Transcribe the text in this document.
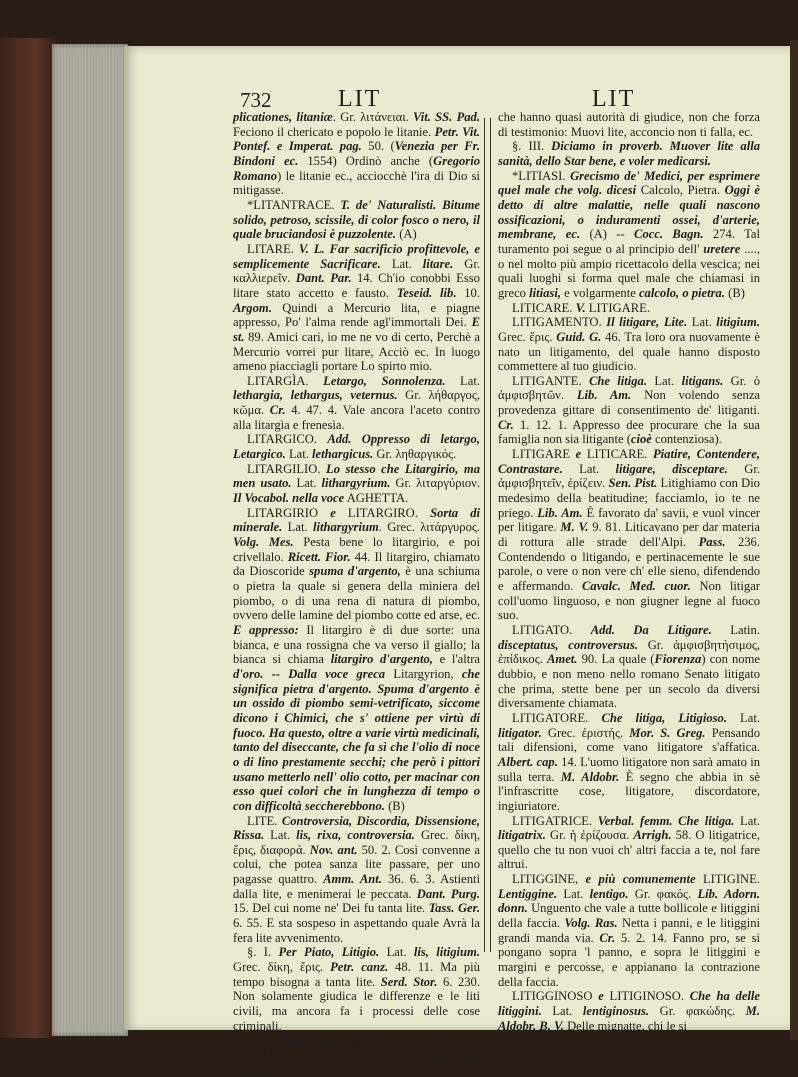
732	LIT	LIT

plicationes, litaniæ. Gr. λιτάνειαι. Vit. SS. Pad. Feciono il chericato e popolo le litanie. Petr. Vit. Pontef. e Imperat. pag. 50. (Venezia per Fr. Bindoni ec. 1554) Ordinò anche (Gregorio Romano) le litanie ec., acciocchè l'ira di Dio si mitigasse.

*LITANTRACE. T. de' Naturalisti. Bitume solido, petroso, scissile, di color fosco o nero, il quale bruciandosi è puzzolente. (A)

LITARE. V. L. Far sacrificio profittevole, e semplicemente Sacrificare. Lat. litare. Gr. καλλιερεῖν. Dant. Par. 14. Ch'io conobbi Esso litare stato accetto e fausto. Teseid. lib. 10. Argom. Quindi a Mercurio lita, e piagne appresso, Po' l'alma rende agl'immortali Dei. E st. 89. Amici cari, io me ne vo di certo, Perchè a Mercurio vorrei pur litare, Acciò ec. In luogo ameno piacciagli portare Lo spirto mio.

LITARGÌA. Letargo, Sonnolenza. Lat. lethargia, lethargus, veternus. Gr. λήθαργος, κῶμα. Cr. 4. 47. 4. Vale ancora l'aceto contro alla litargìa e frenesìa.

LITARGICO. Add. Oppresso di letargo, Letargico. Lat. lethargicus. Gr. ληθαργικός.

LITARGILIO. Lo stesso che Litargirio, ma men usato. Lat. lithargyrium. Gr. λιταργύριον. Il Vocabol. nella voce AGHETTA.

LITARGIRIO e LITARGIRO. Sorta di minerale. Lat. lithargyrium. Grec. λιτάργυρος. Volg. Mes. Pesta bene lo litargirio, e poi crivellalo. Ricett. Fior. 44. Il litargiro, chiamato da Dioscoride spuma d'argento, è una schiuma o pietra la quale si genera della miniera del piombo, o di una rena di natura di piombo, ovvero delle lamine del piombo cotte ed arse, ec. E appresso: Il litargiro è di due sorte: una bianca, e una rossigna che va verso il giallo; la bianca si chiama litargiro d'argento, e l'altra d'oro. -- Dalla voce greca Litargyrion, che significa pietra d'argento. Spuma d'argento è un ossido di piombo semi-vetrificato, siccome dicono i Chimici, che s' ottiene per virtù di fuoco. Ha questo, oltre a varie virtù medicinali, tanto del diseccante, che fa sì che l'olio di noce o di lino prestamente secchi; che però i pittori usano metterlo nell' olio cotto, per macinar con esso quei colori che in lunghezza di tempo o con difficoltà seccherebbono. (B)

LITE. Controversia, Discordia, Dissensione, Rissa. Lat. lis, rixa, controversia. Grec. δίκη, ἔρις, διαφορά. Nov. ant. 50. 2. Così convenne a colui, che potea sanza lite passare, per uno pagasse quattro. Amm. Ant. 36. 6. 3. Astienti dalla lite, e menimerai le peccata. Dant. Purg. 15. Del cui nome ne' Dei fu tanta lite. Tass. Ger. 6. 55. E sta sospeso in aspettando quale Avrà la fera lite avvenimento.

§. I. Per Piato, Litigio. Lat. lis, litigium. Grec. δίκη, ἔρις. Petr. canz. 48. 11. Ma più tempo bisogna a tanta lite. Serd. Stor. 6. 230. Non solamente giudica le differenze e le liti civili, ma ancora fa i processi delle cose criminali.

§. II. Onde in proverb. Franc. Sacch. nov. 174. Muovi lite, acconcio non ti falla. Dep. Decam. 82. Di poi ci sono i proverbii,

che hanno quasi autorità di giudice, non che forza di testimonio: Muovi lite, acconcio non ti falla, ec.

§. III. Diciamo in proverb. Muover lite alla sanità, dello Star bene, e voler medicarsi.

*LITIASI. Grecismo de' Medici, per esprimere quel male che volg. dicesi Calcolo, Pietra. Oggi è detto di altre malattie, nelle quali nascono ossificazioni, o induramenti ossei, d'arterie, membrane, ec. (A) -- Cocc. Bagn. 274. Tal turamento poi segue o al principio dell' uretere ...., o nel molto più ampio ricettacolo della vescica; nei quali luoghi si forma quel male che chiamasi in greco litiasi, e volgarmente calcolo, o pietra. (B)

LITICARE. V. LITIGARE.

LITIGAMENTO. Il litigare, Lite. Lat. litigium. Grec. ἔρις. Guid. G. 46. Tra loro ora nuovamente è nato un litigamento, del quale hanno disposto commettere al tuo giudicio.

LITIGANTE. Che litiga. Lat. litigans. Gr. ὁ ἀμφισβητῶν. Lib. Am. Non volendo senza provedenza gittare di consentimento de' litiganti. Cr. 1. 12. 1. Appresso dee procurare che la sua famiglia non sia litigante (cioè contenziosa).

LITIGARE e LITICARE. Piatire, Contendere, Contrastare. Lat. litigare, disceptare. Gr. ἀμφισβητεῖν, ἐρίζειν. Sen. Pist. Litighiamo con Dio medesimo della beatitudine; facciamlo, io te ne priego. Lib. Am. È favorato da' savii, e vuol vincer per litigare. M. V. 9. 81. Liticavano per dar materia di rottura alle strade dell'Alpi. Pass. 236. Contendendo o litigando, e pertinacemente le sue parole, o vere o non vere ch' elle sieno, difendendo e affermando. Cavalc. Med. cuor. Non litigar coll'uomo linguoso, e non giugner legne al fuoco suo.

LITIGATO. Add. Da Litigare. Latin. disceptatus, controversus. Gr. ἀμφισβητήσιμος, ἐπίδικος. Amet. 90. La quale (Fiorenza) con nome dubbio, e non meno nello romano Senato litigato che prima, stette bene per un secolo da diversi diversamente chiamata.

LITIGATORE. Che litiga, Litigioso. Lat. litigator. Grec. ἐριστής. Mor. S. Greg. Pensando tali difensioni, come vano litigatore s'affatica. Albert. cap. 14. L'uomo litigatore non sarà amato in sulla terra. M. Aldobr. È segno che abbia in sè l'infrascritte cose, litigatore, discordatore, ingiuriatore.

LITIGATRICE. Verbal. femm. Che litiga. Lat. litigatrix. Gr. ἡ ἐρίζουσα. Arrigh. 58. O litigatrice, quello che tu non vuoi ch' altri faccia a te, nol fare altrui.

LITIGGINE, e più comunemente LITIGINE. Lentiggine. Lat. lentigo. Gr. φακός. Lib. Adorn. donn. Unguento che vale a tutte bollicole e litiggini della faccia. Volg. Ras. Netta i panni, e le litiggini grandi manda via. Cr. 5. 2. 14. Fanno pro, se si pongano sopra 'l panno, e sopra le litiggini e margini e percosse, e appianano la contrazione della faccia.

LITIGGINOSO e LITIGINOSO. Che ha delle litiggini. Lat. lentiginosus. Gr. φακώδης. M. Aldobr. B. V. Delle mignatte, chi le si
